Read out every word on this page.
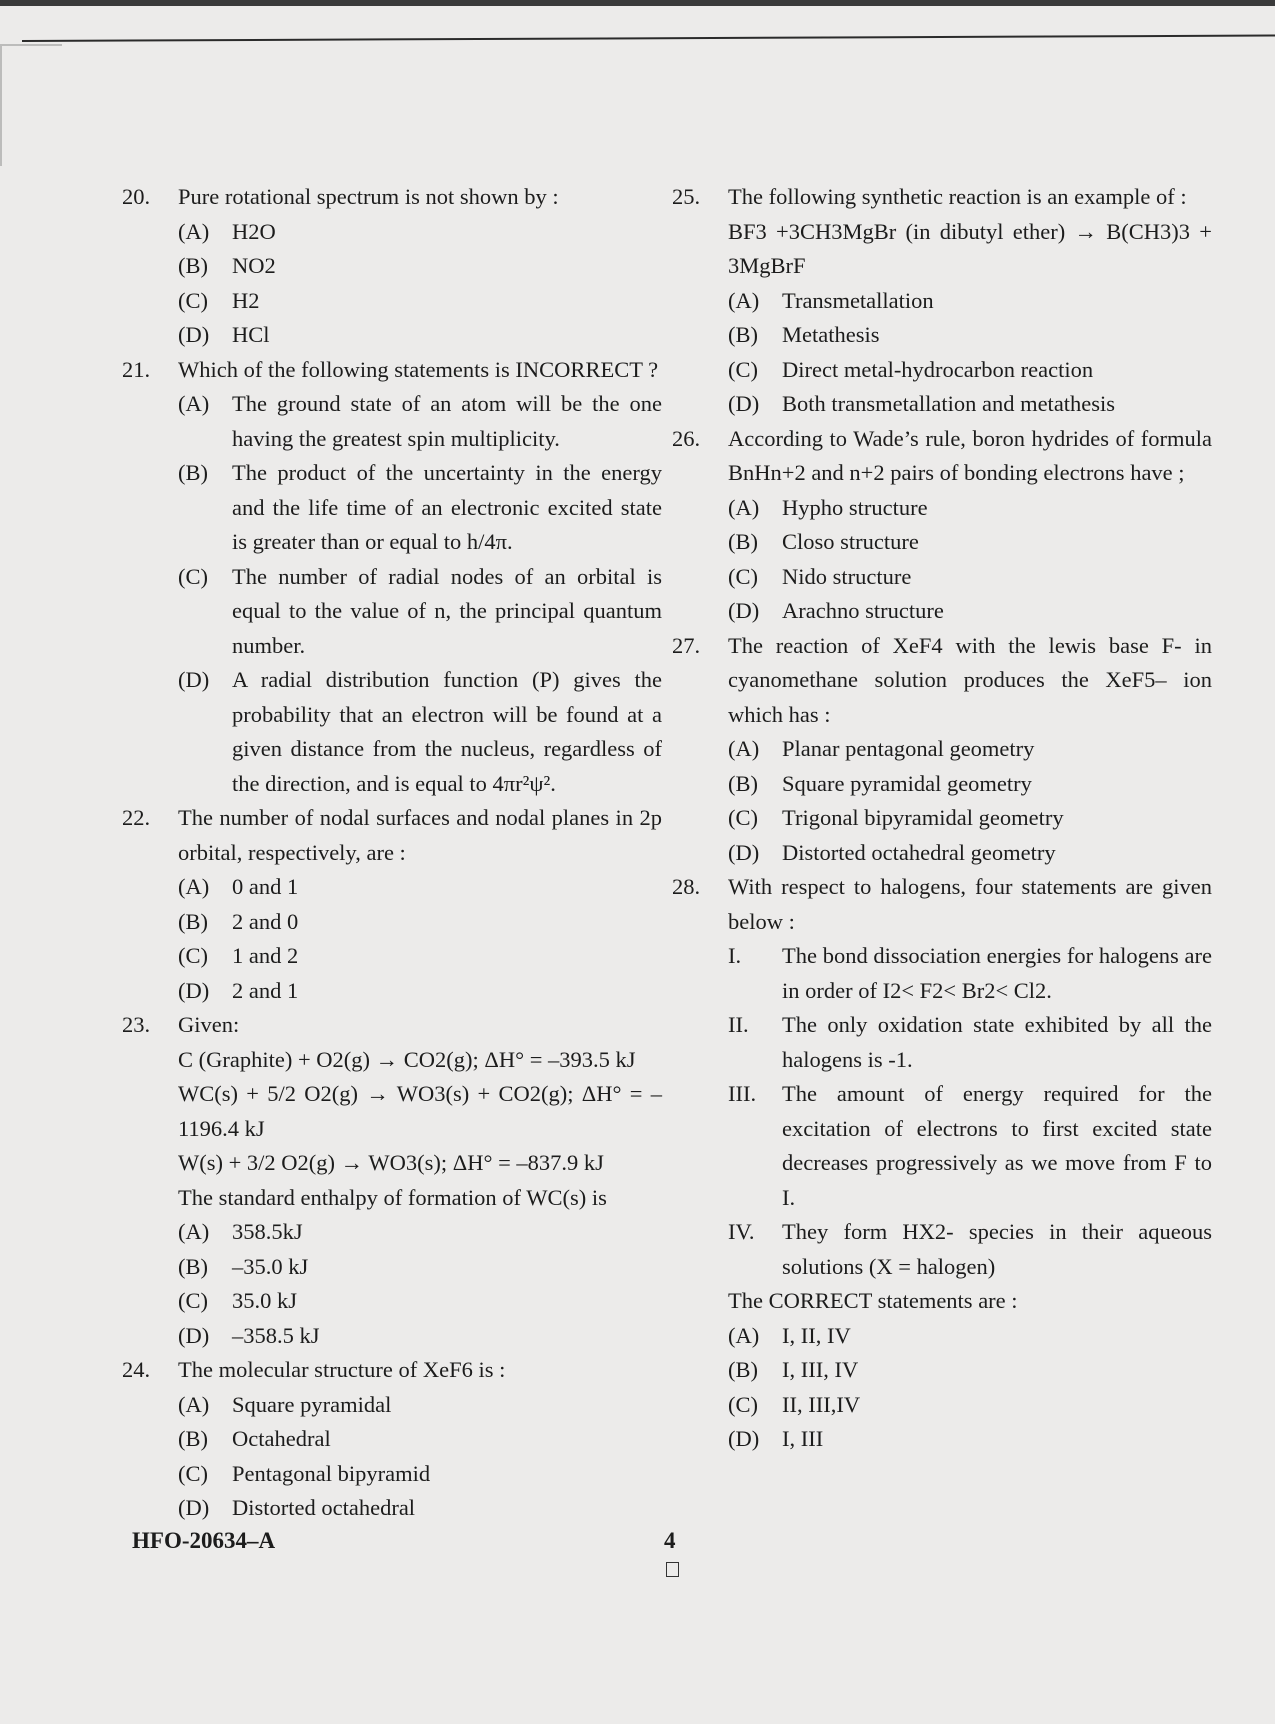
20.	Pure rotational spectrum is not shown by :
(A) H2O
(B) NO2
(C) H2
(D) HCl
21.	Which of the following statements is INCORRECT ?
(A) The ground state of an atom will be the one having the greatest spin multiplicity.
(B) The product of the uncertainty in the energy and the life time of an electronic excited state is greater than or equal to h/4π.
(C) The number of radial nodes of an orbital is equal to the value of n, the principal quantum number.
(D) A radial distribution function (P) gives the probability that an electron will be found at a given distance from the nucleus, regardless of the direction, and is equal to 4πr²ψ².
22.	The number of nodal surfaces and nodal planes in 2p orbital, respectively, are :
(A) 0 and 1
(B) 2 and 0
(C) 1 and 2
(D) 2 and 1
23.	Given:
C (Graphite) + O2(g) → CO2(g); ΔH° = –393.5 kJ
WC(s) + 5/2 O2(g) → WO3(s) + CO2(g); ΔH° = –1196.4 kJ
W(s) + 3/2 O2(g) → WO3(s); ΔH° = –837.9 kJ
The standard enthalpy of formation of WC(s) is
(A) 358.5kJ
(B) –35.0 kJ
(C) 35.0 kJ
(D) –358.5 kJ
24.	The molecular structure of XeF6 is :
(A) Square pyramidal
(B) Octahedral
(C) Pentagonal bipyramid
(D) Distorted octahedral
25.	The following synthetic reaction is an example of :
BF3 +3CH3MgBr (in dibutyl ether) → B(CH3)3 + 3MgBrF
(A) Transmetallation
(B) Metathesis
(C) Direct metal-hydrocarbon reaction
(D) Both transmetallation and metathesis
26.	According to Wade’s rule, boron hydrides of formula BnHn+2 and n+2 pairs of bonding electrons have ;
(A) Hypho structure
(B) Closo structure
(C) Nido structure
(D) Arachno structure
27.	The reaction of XeF4 with the lewis base F- in cyanomethane solution produces the XeF5– ion which has :
(A) Planar pentagonal geometry
(B) Square pyramidal geometry
(C) Trigonal bipyramidal geometry
(D) Distorted octahedral geometry
28.	With respect to halogens, four statements are given below :
I. The bond dissociation energies for halogens are in order of I2< F2< Br2< Cl2.
II. The only oxidation state exhibited by all the halogens is -1.
III. The amount of energy required for the excitation of electrons to first excited state decreases progressively as we move from F to I.
IV. They form HX2- species in their aqueous solutions (X = halogen)
The CORRECT statements are :
(A) I, II, IV
(B) I, III, IV
(C) II, III,IV
(D) I, III
HFO-20634–A	4
